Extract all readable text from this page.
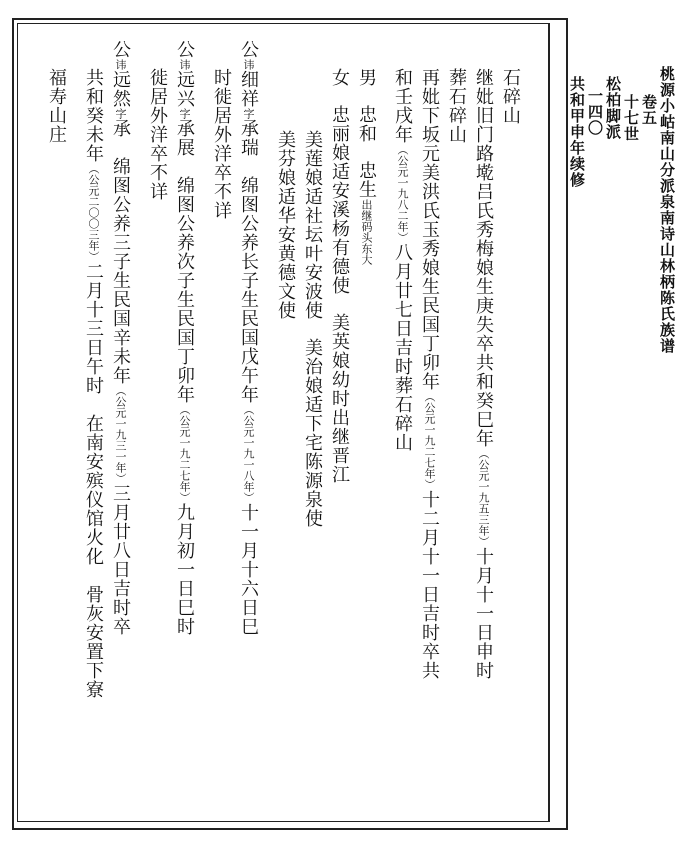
桃源小岵南山分派泉南诗山林柄陈氏族谱
卷五
十七世
松柏脚派
一四〇
共和甲申年续修
石碎山
继妣旧门路墘吕氏秀梅娘生庚失卒共和癸巳年（公元一九五三年）十月十一日申时
葬石碎山
再妣下坂元美洪氏玉秀娘生民国丁卯年（公元一九二七年）十二月十一日吉时卒共
和壬戌年（公元一九八二年）八月廿七日吉时葬石碎山
男忠和忠生出继码头东大
女忠丽娘适安溪杨有德使美英娘幼时出继晋江
美莲娘适社坛叶安波使美治娘适下宅陈源泉使
美芬娘适华安黄德文使
公讳细祥字承瑞　绵图公养长子生民国戊午年（公元一九一八年）十一月十六日巳
时徙居外洋卒不详
公讳远兴字承展　绵图公养次子生民国丁卯年（公元一九二七年）九月初一日巳时
徙居外洋卒不详
公讳远然字承　绵图公养三子生民国辛未年（公元一九三一年）三月廿八日吉时卒
共和癸未年（公元二〇〇三年）二月十三日午时　在南安殡仪馆火化　骨灰安置下寮
福寿山庄
